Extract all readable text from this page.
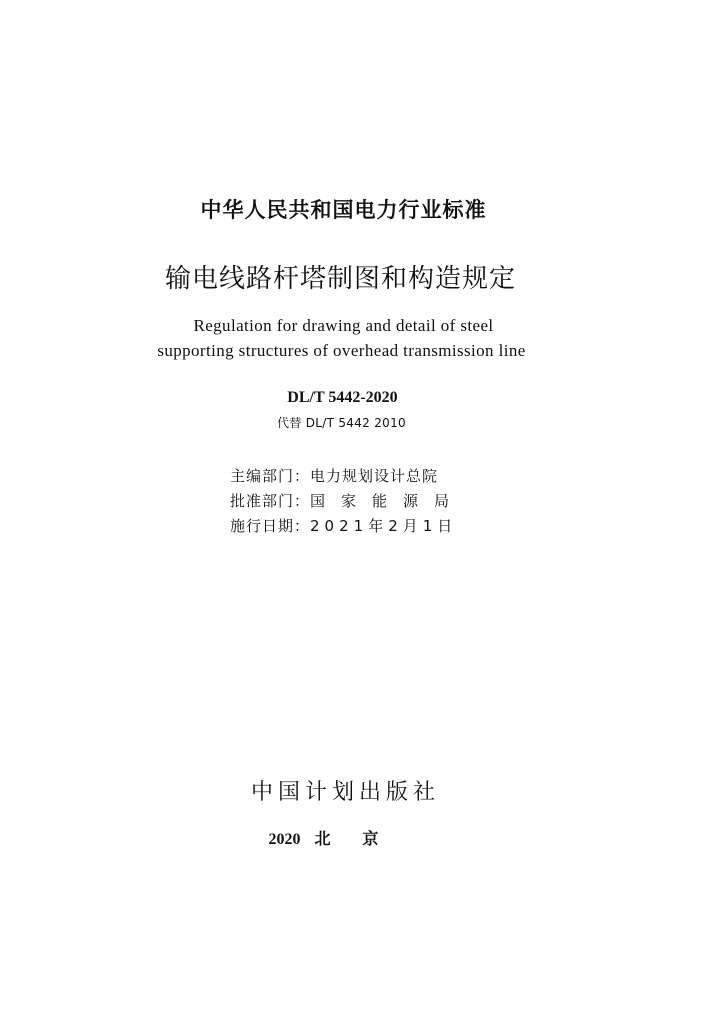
中华人民共和国电力行业标准
输电线路杆塔制图和构造规定
Regulation for drawing and detail of steel
supporting structures of overhead transmission line
DL/T 5442-2020
代替 DL/T 5442 2010
主编部门：电力规划设计总院
批准部门：国家能源局
施行日期：2021年2月1日
中国计划出版社
2020 北京
